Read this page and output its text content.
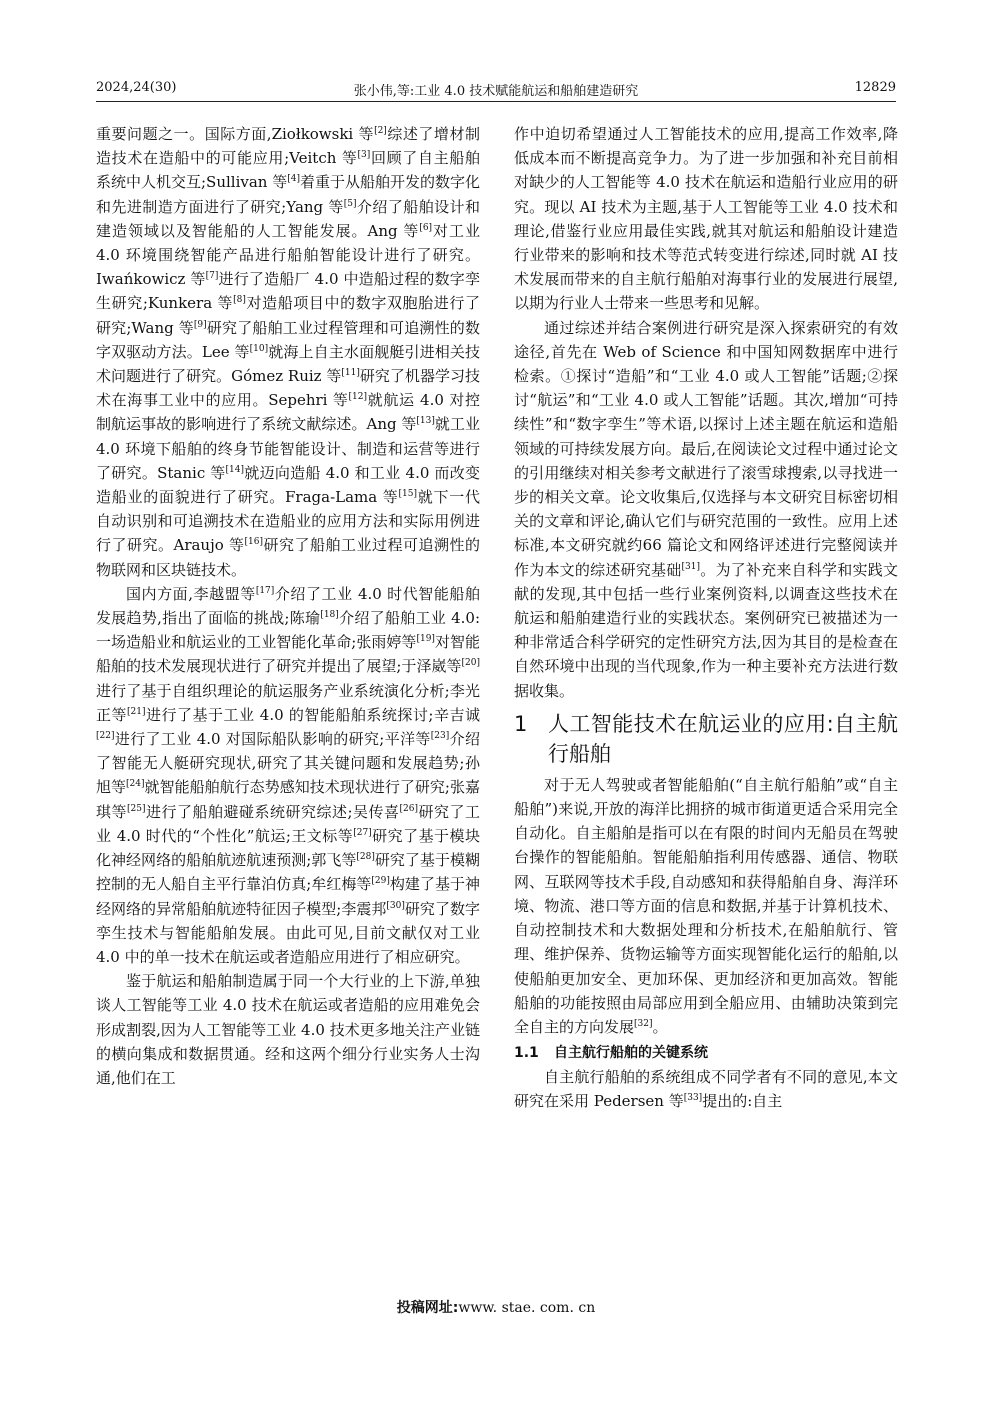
2024,24(30)	张小伟,等:工业 4.0 技术赋能航运和船舶建造研究	12829

重要问题之一。国际方面,Ziołkowski 等[2]综述了增材制造技术在造船中的可能应用;Veitch 等[3]回顾了自主船舶系统中人机交互;Sullivan 等[4]着重于从船舶开发的数字化和先进制造方面进行了研究;Yang 等[5]介绍了船舶设计和建造领域以及智能船的人工智能发展。Ang 等[6]对工业 4.0 环境围绕智能产品进行船舶智能设计进行了研究。Iwańkowicz 等[7]进行了造船厂 4.0 中造船过程的数字孪生研究;Kunkera 等[8]对造船项目中的数字双胞胎进行了研究;Wang 等[9]研究了船舶工业过程管理和可追溯性的数字双驱动方法。Lee 等[10]就海上自主水面舰艇引进相关技术问题进行了研究。Gómez Ruiz 等[11]研究了机器学习技术在海事工业中的应用。Sepehri 等[12]就航运 4.0 对控制航运事故的影响进行了系统文献综述。Ang 等[13]就工业 4.0 环境下船舶的终身节能智能设计、制造和运营等进行了研究。Stanic 等[14]就迈向造船 4.0 和工业 4.0 而改变造船业的面貌进行了研究。Fraga-Lama 等[15]就下一代自动识别和可追溯技术在造船业的应用方法和实际用例进行了研究。Araujo 等[16]研究了船舶工业过程可追溯性的物联网和区块链技术。

国内方面,李越盟等[17]介绍了工业 4.0 时代智能船舶发展趋势,指出了面临的挑战;陈瑜[18]介绍了船舶工业 4.0:一场造船业和航运业的工业智能化革命;张雨婷等[19]对智能船舶的技术发展现状进行了研究并提出了展望;于泽崴等[20]进行了基于自组织理论的航运服务产业系统演化分析;李光正等[21]进行了基于工业 4.0 的智能船舶系统探讨;辛吉诚[22]进行了工业 4.0 对国际船队影响的研究;平洋等[23]介绍了智能无人艇研究现状,研究了其关键问题和发展趋势;孙旭等[24]就智能船舶航行态势感知技术现状进行了研究;张嘉琪等[25]进行了船舶避碰系统研究综述;吴传喜[26]研究了工业 4.0 时代的“个性化”航运;王文标等[27]研究了基于模块化神经网络的船舶航迹航速预测;郭飞等[28]研究了基于模糊控制的无人船自主平行靠泊仿真;牟红梅等[29]构建了基于神经网络的异常船舶航迹特征因子模型;李震邦[30]研究了数字孪生技术与智能船舶发展。由此可见,目前文献仅对工业 4.0 中的单一技术在航运或者造船应用进行了相应研究。

鉴于航运和船舶制造属于同一个大行业的上下游,单独谈人工智能等工业 4.0 技术在航运或者造船的应用难免会形成割裂,因为人工智能等工业 4.0 技术更多地关注产业链的横向集成和数据贯通。经和这两个细分行业实务人士沟通,他们在工

作中迫切希望通过人工智能技术的应用,提高工作效率,降低成本而不断提高竞争力。为了进一步加强和补充目前相对缺少的人工智能等 4.0 技术在航运和造船行业应用的研究。现以 AI 技术为主题,基于人工智能等工业 4.0 技术和理论,借鉴行业应用最佳实践,就其对航运和船舶设计建造行业带来的影响和技术等范式转变进行综述,同时就 AI 技术发展而带来的自主航行船舶对海事行业的发展进行展望,以期为行业人士带来一些思考和见解。

通过综述并结合案例进行研究是深入探索研究的有效途径,首先在 Web of Science 和中国知网数据库中进行检索。①探讨“造船”和“工业 4.0 或人工智能”话题;②探讨“航运”和“工业 4.0 或人工智能”话题。其次,增加“可持续性”和“数字孪生”等术语,以探讨上述主题在航运和造船领域的可持续发展方向。最后,在阅读论文过程中通过论文的引用继续对相关参考文献进行了滚雪球搜索,以寻找进一步的相关文章。论文收集后,仅选择与本文研究目标密切相关的文章和评论,确认它们与研究范围的一致性。应用上述标准,本文研究就约66 篇论文和网络评述进行完整阅读并作为本文的综述研究基础[31]。为了补充来自科学和实践文献的发现,其中包括一些行业案例资料,以调查这些技术在航运和船舶建造行业的实践状态。案例研究已被描述为一种非常适合科学研究的定性研究方法,因为其目的是检查在自然环境中出现的当代现象,作为一种主要补充方法进行数据收集。

1 人工智能技术在航运业的应用:自主航行船舶

对于无人驾驶或者智能船舶(“自主航行船舶”或“自主船舶”)来说,开放的海洋比拥挤的城市街道更适合采用完全自动化。自主船舶是指可以在有限的时间内无船员在驾驶台操作的智能船舶。智能船舶指利用传感器、通信、物联网、互联网等技术手段,自动感知和获得船舶自身、海洋环境、物流、港口等方面的信息和数据,并基于计算机技术、自动控制技术和大数据处理和分析技术,在船舶航行、管理、维护保养、货物运输等方面实现智能化运行的船舶,以使船舶更加安全、更加环保、更加经济和更加高效。智能船舶的功能按照由局部应用到全船应用、由辅助决策到完全自主的方向发展[32]。

1.1 自主航行船舶的关键系统

自主航行船舶的系统组成不同学者有不同的意见,本文研究在采用 Pedersen 等[33]提出的:自主

投稿网址:www. stae. com. cn
